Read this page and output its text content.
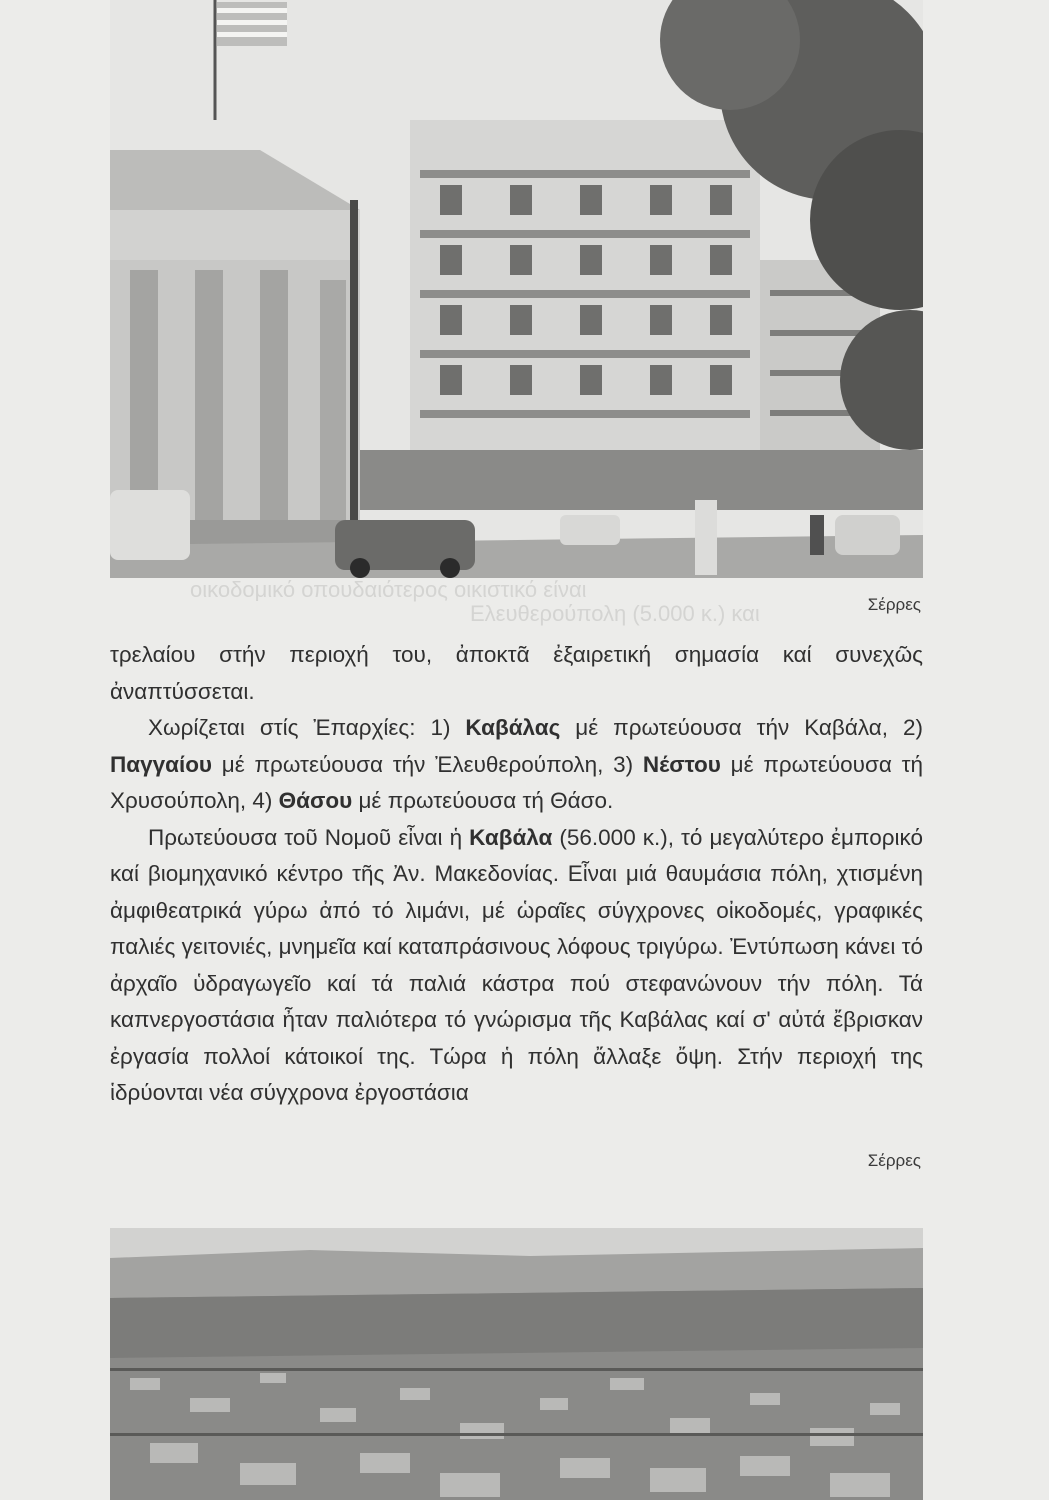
οικοδομικό οπουδαιότερος οικιστικό είναι
Ελευθερούπολη (5.000 κ.) και	Σέρρες

τρελαίου στήν περιοχή του, ἀποκτᾶ ἐξαιρετική σημασία καί συνεχῶς ἀναπτύσσεται.

Χωρίζεται στίς Ἐπαρχίες: 1) Καβάλας μέ πρωτεύουσα τήν Καβάλα, 2) Παγγαίου μέ πρωτεύουσα τήν Ἐλευθερούπολη, 3) Νέστου μέ πρωτεύουσα τή Χρυσούπολη, 4) Θάσου μέ πρωτεύουσα τή Θάσο.

Πρωτεύουσα τοῦ Νομοῦ εἶναι ἡ Καβάλα (56.000 κ.), τό μεγαλύτερο ἐμπορικό καί βιομηχανικό κέντρο τῆς Ἀν. Μακεδονίας. Εἶναι μιά θαυμάσια πόλη, χτισμένη ἀμφιθεατρικά γύρω ἀπό τό λιμάνι, μέ ὡραῖες σύγχρονες οἰκοδομές, γραφικές παλιές γειτονιές, μνημεῖα καί καταπράσινους λόφους τριγύρω. Ἐντύπωση κάνει τό ἀρχαῖο ὑδραγωγεῖο καί τά παλιά κάστρα πού στεφανώνουν τήν πόλη. Τά καπνεργοστάσια ἦταν παλιότερα τό γνώρισμα τῆς Καβάλας καί σ' αὐτά ἔβρισκαν ἐργασία πολλοί κάτοικοί της. Τώρα ἡ πόλη ἄλλαξε ὄψη. Στήν περιοχή της ἱδρύονται νέα σύγχρονα ἐργοστάσια

Σέρρες
